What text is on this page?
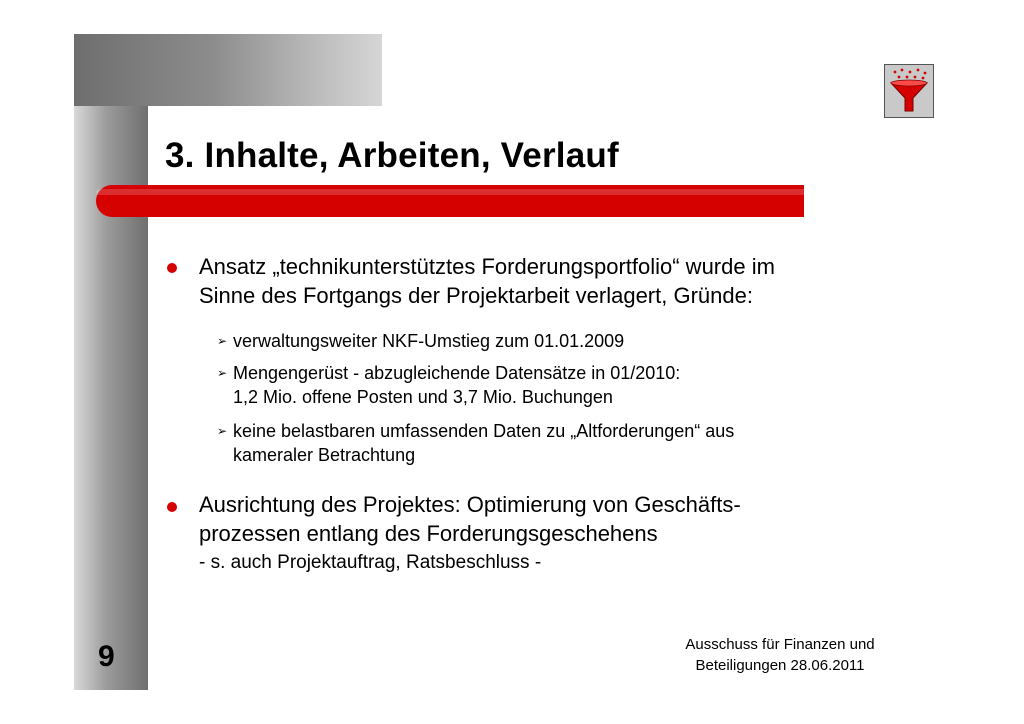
3. Inhalte, Arbeiten, Verlauf
Ansatz „technikunterstütztes Forderungsportfolio“ wurde im
Sinne des Fortgangs der Projektarbeit verlagert, Gründe:
➢ verwaltungsweiter NKF-Umstieg zum 01.01.2009
➢ Mengengerüst - abzugleichende Datensätze in 01/2010:
1,2 Mio. offene Posten und 3,7 Mio. Buchungen
➢ keine belastbaren umfassenden Daten zu „Altforderungen“ aus
kameraler Betrachtung
Ausrichtung des Projektes: Optimierung von Geschäfts-
prozessen entlang des Forderungsgeschehens
- s. auch Projektauftrag, Ratsbeschluss -
9	Ausschuss für Finanzen und
Beteiligungen 28.06.2011
